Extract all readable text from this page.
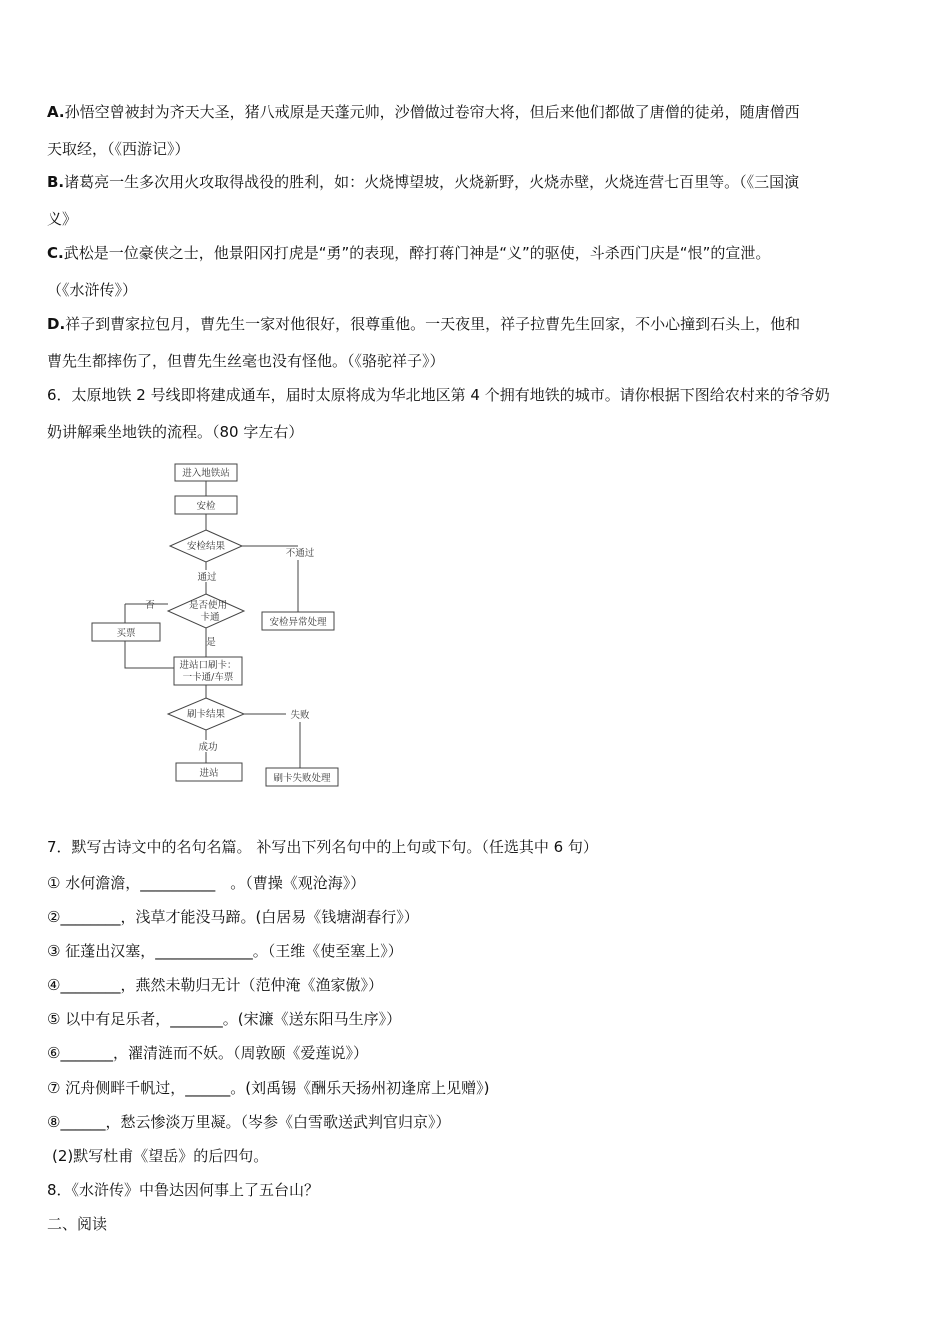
A.孙悟空曾被封为齐天大圣，猪八戒原是天蓬元帅，沙僧做过卷帘大将，但后来他们都做了唐僧的徒弟，随唐僧西
天取经，（《西游记》）
B.诸葛亮一生多次用火攻取得战役的胜利，如：火烧博望坡，火烧新野，火烧赤壁，火烧连营七百里等。（《三国演
义》
C.武松是一位豪侠之士，他景阳冈打虎是“勇”的表现，醉打蒋门神是“义”的驱使，斗杀西门庆是“恨”的宣泄。
（《水浒传》）
D.祥子到曹家拉包月，曹先生一家对他很好，很尊重他。一天夜里，祥子拉曹先生回家，不小心撞到石头上，他和
曹先生都摔伤了，但曹先生丝毫也没有怪他。（《骆驼祥子》）
6．太原地铁 2 号线即将建成通车，届时太原将成为华北地区第 4 个拥有地铁的城市。请你根据下图给农村来的爷爷奶
奶讲解乘坐地铁的流程。（80 字左右）
进入地铁站
安检
安检结果
不通过
安检异常处理
通过
是否使用
卡通
否
买票
是
进站口刷卡：
一卡通/车票
刷卡结果	失败
刷卡失败处理
成功
进站
7．默写古诗文中的名句名篇。 补写出下列名句中的上句或下句。（任选其中 6 句）
① 水何澹澹，__________　。（曹操《观沧海》）
②________，浅草才能没马蹄。(白居易《钱塘湖春行》）
③ 征蓬出汉塞，_____________。（王维《使至塞上》）
④________，燕然未勒归无计（范仲淹《渔家傲》）
⑤ 以中有足乐者，_______。(宋濂《送东阳马生序》）
⑥_______，濯清涟而不妖。（周敦颐《爱莲说》）
⑦ 沉舟侧畔千帆过，______。(刘禹锡《酬乐天扬州初逢席上见赠》)
⑧______，愁云惨淡万里凝。（岑参《白雪歌送武判官归京》）
(2)默写杜甫《望岳》的后四句。
8．《水浒传》中鲁达因何事上了五台山？
二、阅读
